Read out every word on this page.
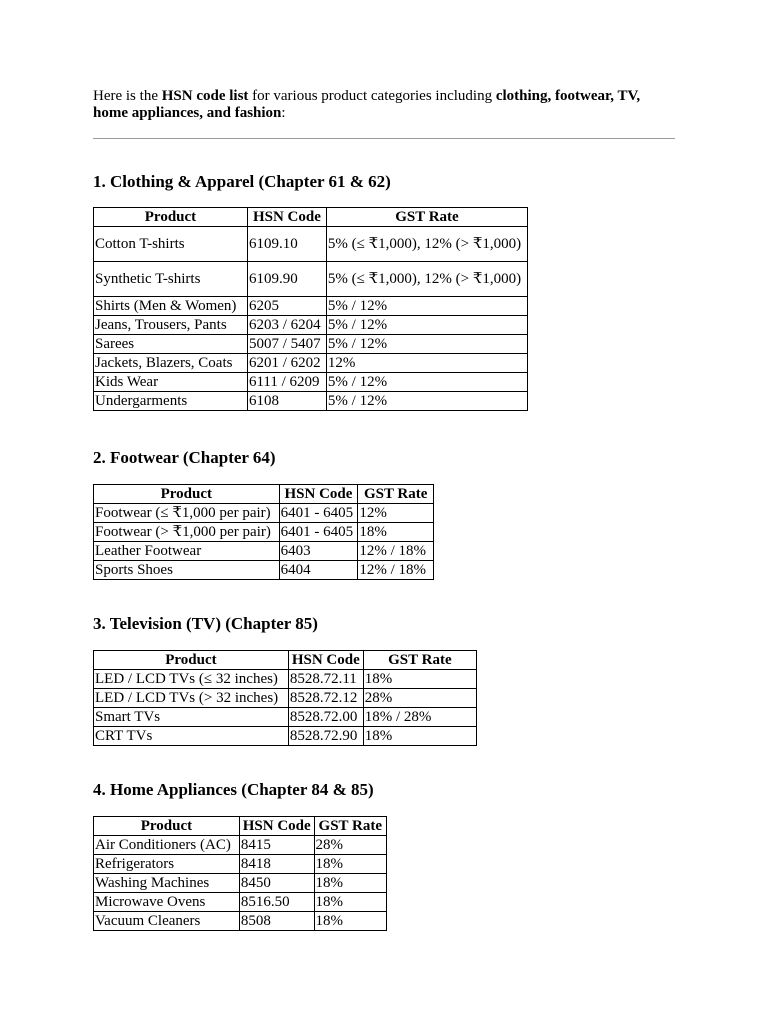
Here is the HSN code list for various product categories including clothing, footwear, TV, home appliances, and fashion:

1. Clothing & Apparel (Chapter 61 & 62)
Product	HSN Code	GST Rate
Cotton T-shirts	6109.10	5% (≤ ₹1,000), 12% (> ₹1,000)
Synthetic T-shirts	6109.90	5% (≤ ₹1,000), 12% (> ₹1,000)
Shirts (Men & Women)	6205	5% / 12%
Jeans, Trousers, Pants	6203 / 6204	5% / 12%
Sarees	5007 / 5407	5% / 12%
Jackets, Blazers, Coats	6201 / 6202	12%
Kids Wear	6111 / 6209	5% / 12%
Undergarments	6108	5% / 12%
2. Footwear (Chapter 64)
Product	HSN Code	GST Rate
Footwear (≤ ₹1,000 per pair)	6401 - 6405	12%
Footwear (> ₹1,000 per pair)	6401 - 6405	18%
Leather Footwear	6403	12% / 18%
Sports Shoes	6404	12% / 18%
3. Television (TV) (Chapter 85)
Product	HSN Code	GST Rate
LED / LCD TVs (≤ 32 inches)	8528.72.11	18%
LED / LCD TVs (> 32 inches)	8528.72.12	28%
Smart TVs	8528.72.00	18% / 28%
CRT TVs	8528.72.90	18%
4. Home Appliances (Chapter 84 & 85)
Product	HSN Code	GST Rate
Air Conditioners (AC)	8415	28%
Refrigerators	8418	18%
Washing Machines	8450	18%
Microwave Ovens	8516.50	18%
Vacuum Cleaners	8508	18%
